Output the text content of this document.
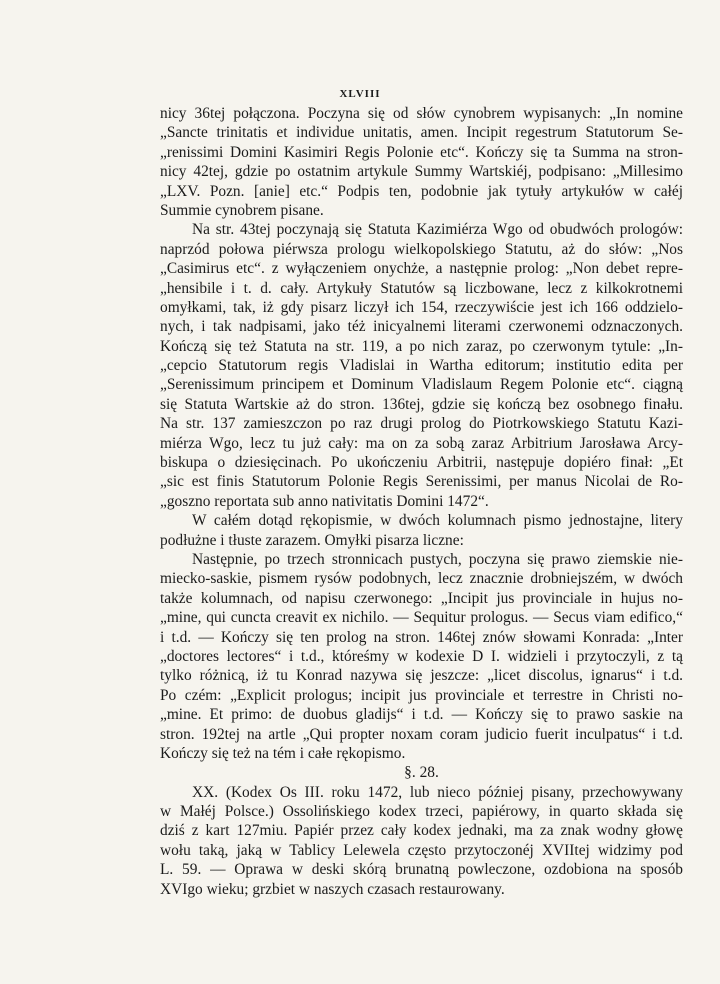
XLVIII
nicy 36tej połączona. Poczyna się od słów cynobrem wypisanych: „In nomine
„Sancte trinitatis et individue unitatis, amen. Incipit regestrum Statutorum Se-
„renissimi Domini Kasimiri Regis Polonie etc“. Kończy się ta Summa na stron-
nicy 42tej, gdzie po ostatnim artykule Summy Wartskiéj, podpisano: „Millesimo
„LXV. Pozn. [anie] etc.“ Podpis ten, podobnie jak tytuły artykułów w całéj
Summie cynobrem pisane.
Na str. 43tej poczynają się Statuta Kazimiérza Wgo od obudwóch prologów:
naprzód połowa piérwsza prologu wielkopolskiego Statutu, aż do słów: „Nos
„Casimirus etc“. z wyłączeniem onychże, a następnie prolog: „Non debet repre-
„hensibile i t. d. cały. Artykuły Statutów są liczbowane, lecz z kilkokrotnemi
omyłkami, tak, iż gdy pisarz liczył ich 154, rzeczywiście jest ich 166 oddzielo-
nych, i tak nadpisami, jako téż inicyalnemi literami czerwonemi odznaczonych.
Kończą się też Statuta na str. 119, a po nich zaraz, po czerwonym tytule: „In-
„cepcio Statutorum regis Vladislai in Wartha editorum; institutio edita per
„Serenissimum principem et Dominum Vladislaum Regem Polonie etc“. ciągną
się Statuta Wartskie aż do stron. 136tej, gdzie się kończą bez osobnego finału.
Na str. 137 zamieszczon po raz drugi prolog do Piotrkowskiego Statutu Kazi-
miérza Wgo, lecz tu już cały: ma on za sobą zaraz Arbitrium Jarosława Arcy-
biskupa o dziesięcinach. Po ukończeniu Arbitrii, następuje dopiéro finał: „Et
„sic est finis Statutorum Polonie Regis Serenissimi, per manus Nicolai de Ro-
„goszno reportata sub anno nativitatis Domini 1472“.
W całém dotąd rękopismie, w dwóch kolumnach pismo jednostajne, litery
podłużne i tłuste zarazem. Omyłki pisarza liczne:
Następnie, po trzech stronnicach pustych, poczyna się prawo ziemskie nie-
miecko-saskie, pismem rysów podobnych, lecz znacznie drobniejszém, w dwóch
także kolumnach, od napisu czerwonego: „Incipit jus provinciale in hujus no-
„mine, qui cuncta creavit ex nichilo. — Sequitur prologus. — Secus viam edifico,“
i t.d. — Kończy się ten prolog na stron. 146tej znów słowami Konrada: „Inter
„doctores lectores“ i t.d., któreśmy w kodexie D I. widzieli i przytoczyli, z tą
tylko różnicą, iż tu Konrad nazywa się jeszcze: „licet discolus, ignarus“ i t.d.
Po czém: „Explicit prologus; incipit jus provinciale et terrestre in Christi no-
„mine. Et primo: de duobus gladijs“ i t.d. — Kończy się to prawo saskie na
stron. 192tej na artle „Qui propter noxam coram judicio fuerit inculpatus“ i t.d.
Kończy się też na tém i całe rękopismo.
§. 28.
XX. (Kodex Os III. roku 1472, lub nieco później pisany, przechowywany
w Małéj Polsce.) Ossolińskiego kodex trzeci, papiérowy, in quarto składa się
dziś z kart 127miu. Papiér przez cały kodex jednaki, ma za znak wodny głowę
wołu taką, jaką w Tablicy Lelewela często przytoczonéj XVIItej widzimy pod
L. 59. — Oprawa w deski skórą brunatną powleczone, ozdobiona na sposób
XVIgo wieku; grzbiet w naszych czasach restaurowany.
